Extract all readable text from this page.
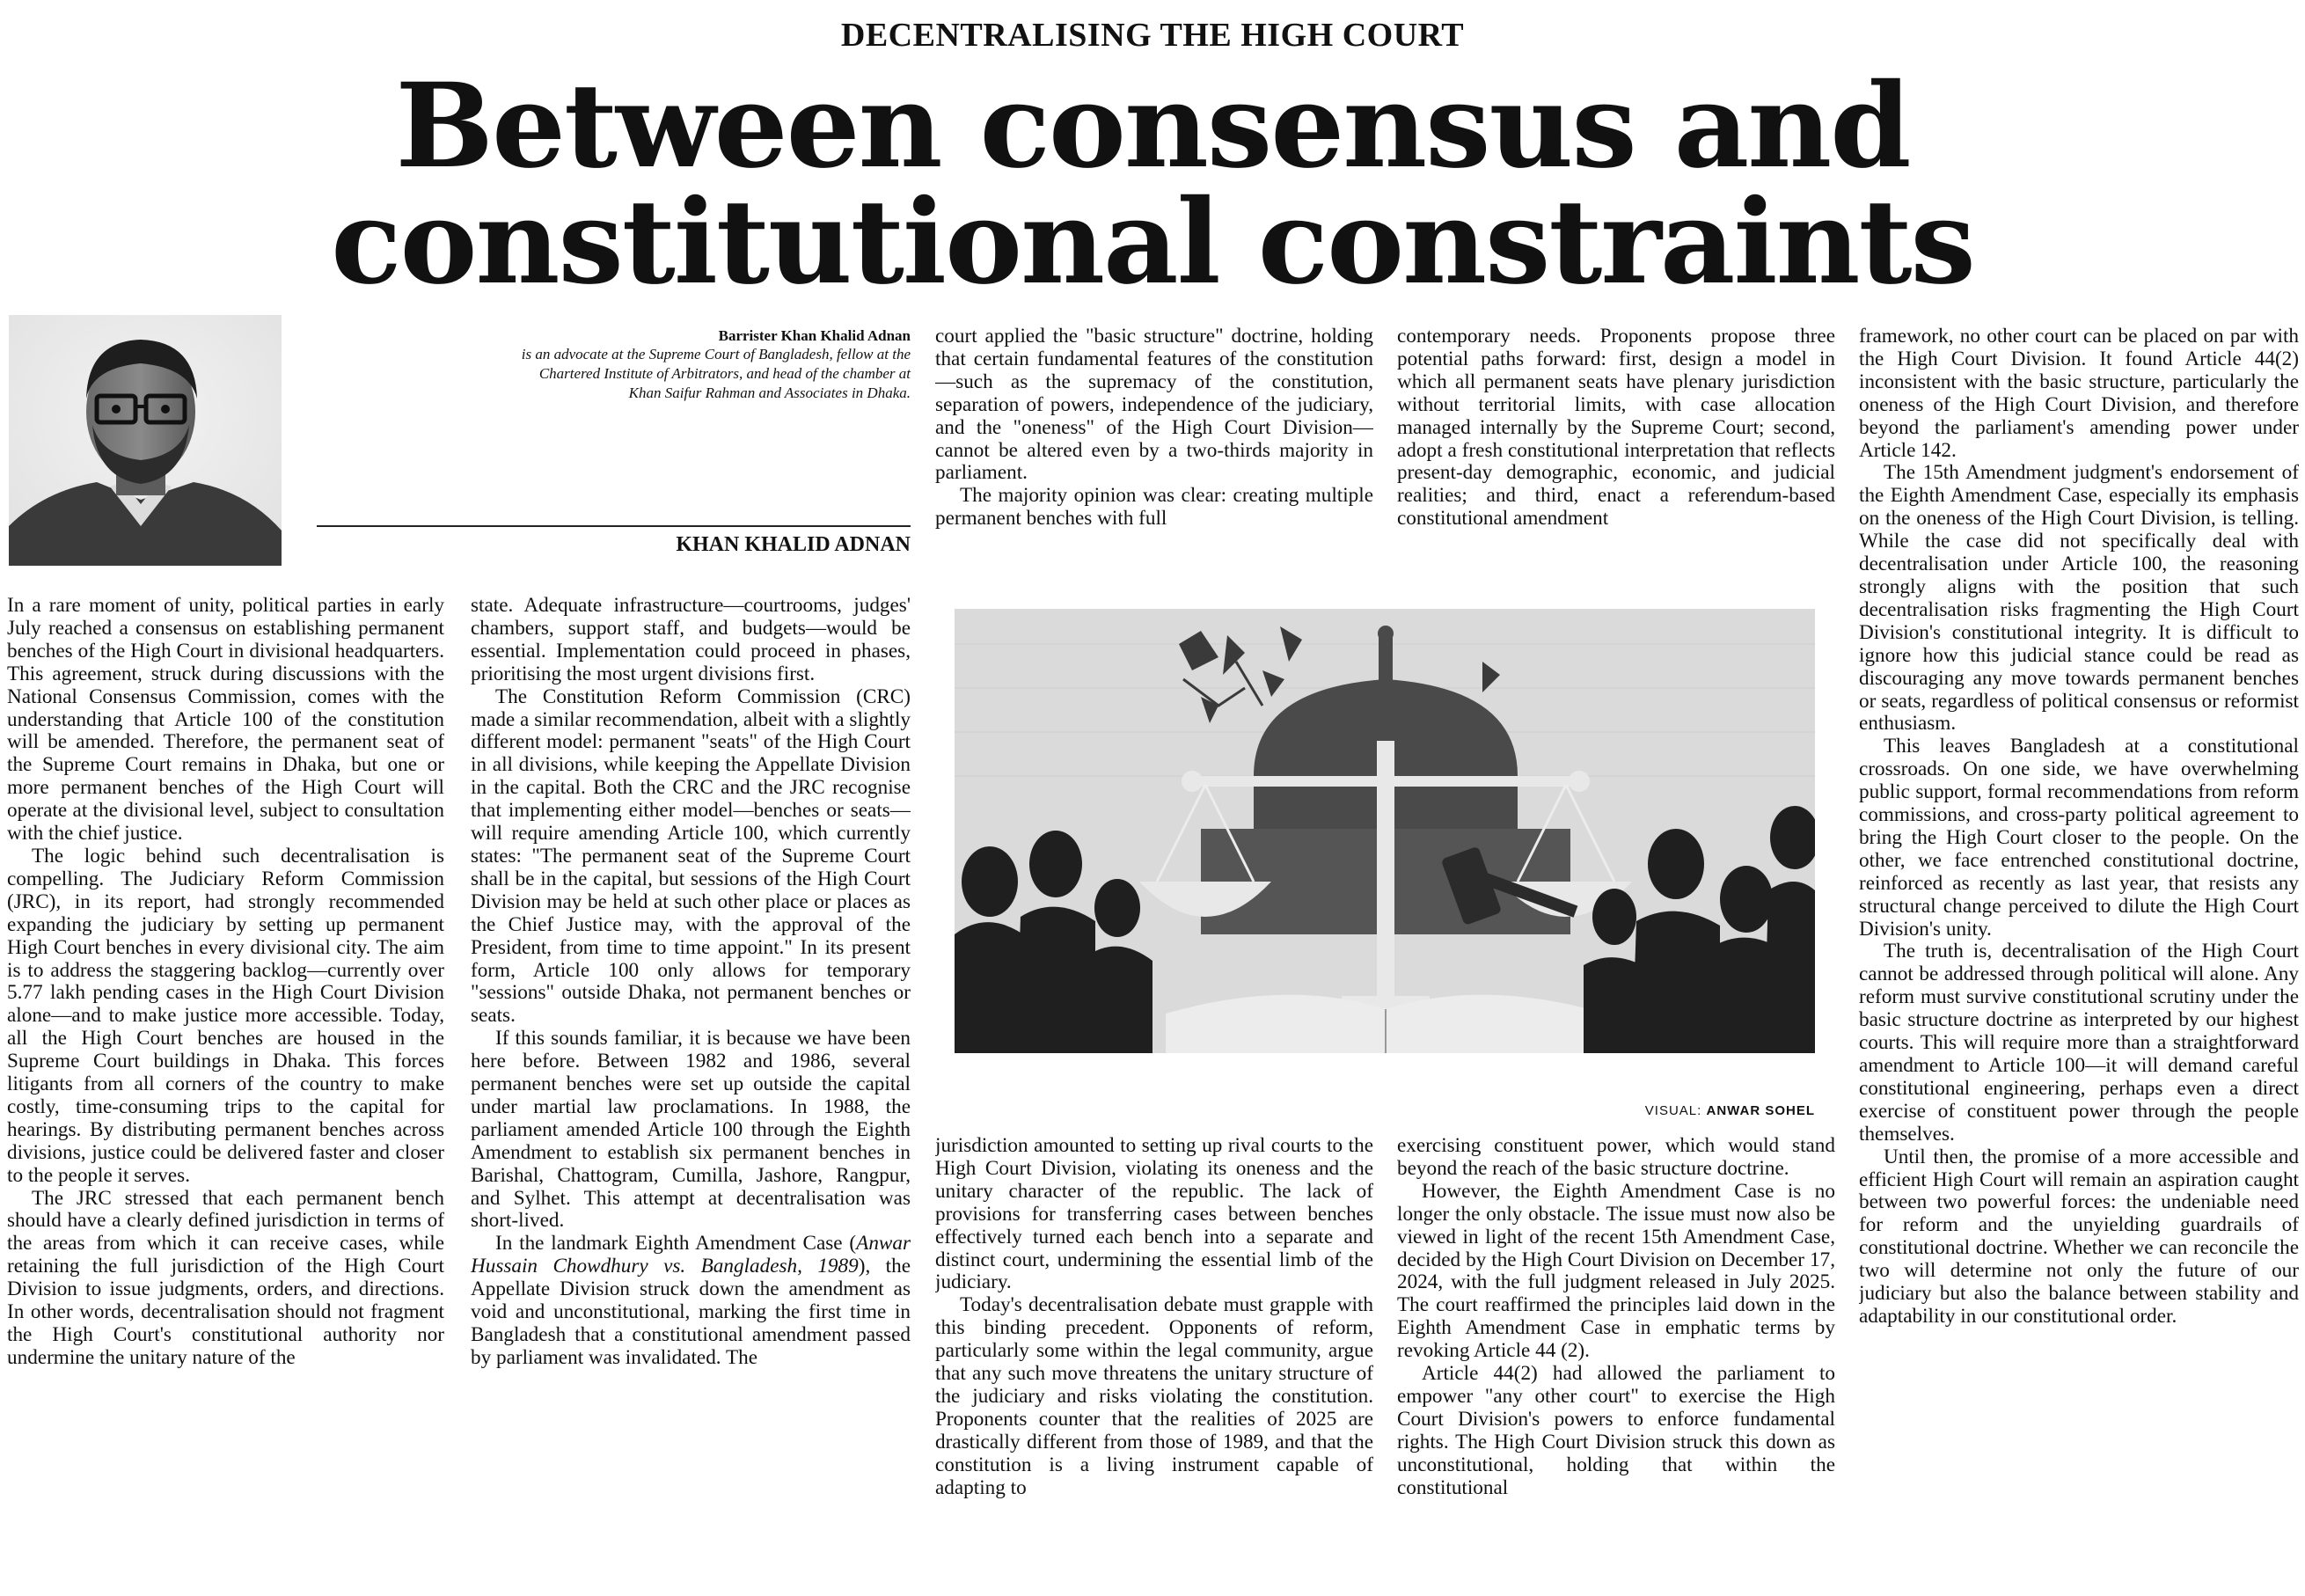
DECENTRALISING THE HIGH COURT
Between consensus and
constitutional constraints
Barrister Khan Khalid Adnan
is an advocate at the Supreme Court of Bangladesh, fellow at the
Chartered Institute of Arbitrators, and head of the chamber at
Khan Saifur Rahman and Associates in Dhaka.
KHAN KHALID ADNAN

In a rare moment of unity, political parties in early July reached a consensus on establishing permanent benches of the High Court in divisional headquarters. This agreement, struck during discussions with the National Consensus Commission, comes with the understanding that Article 100 of the constitution will be amended. Therefore, the permanent seat of the Supreme Court remains in Dhaka, but one or more permanent benches of the High Court will operate at the divisional level, subject to consultation with the chief justice.

The logic behind such decentralisation is compelling. The Judiciary Reform Commission (JRC), in its report, had strongly recommended expanding the judiciary by setting up permanent High Court benches in every divisional city. The aim is to address the staggering backlog—currently over 5.77 lakh pending cases in the High Court Division alone—and to make justice more accessible. Today, all the High Court benches are housed in the Supreme Court buildings in Dhaka. This forces litigants from all corners of the country to make costly, time-consuming trips to the capital for hearings. By distributing permanent benches across divisions, justice could be delivered faster and closer to the people it serves.

The JRC stressed that each permanent bench should have a clearly defined jurisdiction in terms of the areas from which it can receive cases, while retaining the full jurisdiction of the High Court Division to issue judgments, orders, and directions. In other words, decentralisation should not fragment the High Court's constitutional authority nor undermine the unitary nature of the

state. Adequate infrastructure—courtrooms, judges' chambers, support staff, and budgets—would be essential. Implementation could proceed in phases, prioritising the most urgent divisions first.

The Constitution Reform Commission (CRC) made a similar recommendation, albeit with a slightly different model: permanent "seats" of the High Court in all divisions, while keeping the Appellate Division in the capital. Both the CRC and the JRC recognise that implementing either model—benches or seats—will require amending Article 100, which currently states: "The permanent seat of the Supreme Court shall be in the capital, but sessions of the High Court Division may be held at such other place or places as the Chief Justice may, with the approval of the President, from time to time appoint." In its present form, Article 100 only allows for temporary "sessions" outside Dhaka, not permanent benches or seats.

If this sounds familiar, it is because we have been here before. Between 1982 and 1986, several permanent benches were set up outside the capital under martial law proclamations. In 1988, the parliament amended Article 100 through the Eighth Amendment to establish six permanent benches in Barishal, Chattogram, Cumilla, Jashore, Rangpur, and Sylhet. This attempt at decentralisation was short-lived.

In the landmark Eighth Amendment Case (Anwar Hussain Chowdhury vs. Bangladesh, 1989), the Appellate Division struck down the amendment as void and unconstitutional, marking the first time in Bangladesh that a constitutional amendment passed by parliament was invalidated. The

court applied the "basic structure" doctrine, holding that certain fundamental features of the constitution—such as the supremacy of the constitution, separation of powers, independence of the judiciary, and the "oneness" of the High Court Division—cannot be altered even by a two-thirds majority in parliament.

The majority opinion was clear: creating multiple permanent benches with full

contemporary needs. Proponents propose three potential paths forward: first, design a model in which all permanent seats have plenary jurisdiction without territorial limits, with case allocation managed internally by the Supreme Court; second, adopt a fresh constitutional interpretation that reflects present-day demographic, economic, and judicial realities; and third, enact a referendum-based constitutional amendment

VISUAL: ANWAR SOHEL

jurisdiction amounted to setting up rival courts to the High Court Division, violating its oneness and the unitary character of the republic. The lack of provisions for transferring cases between benches effectively turned each bench into a separate and distinct court, undermining the essential limb of the judiciary.

Today's decentralisation debate must grapple with this binding precedent. Opponents of reform, particularly some within the legal community, argue that any such move threatens the unitary structure of the judiciary and risks violating the constitution. Proponents counter that the realities of 2025 are drastically different from those of 1989, and that the constitution is a living instrument capable of adapting to

exercising constituent power, which would stand beyond the reach of the basic structure doctrine.

However, the Eighth Amendment Case is no longer the only obstacle. The issue must now also be viewed in light of the recent 15th Amendment Case, decided by the High Court Division on December 17, 2024, with the full judgment released in July 2025. The court reaffirmed the principles laid down in the Eighth Amendment Case in emphatic terms by revoking Article 44 (2).

Article 44(2) had allowed the parliament to empower "any other court" to exercise the High Court Division's powers to enforce fundamental rights. The High Court Division struck this down as unconstitutional, holding that within the constitutional

framework, no other court can be placed on par with the High Court Division. It found Article 44(2) inconsistent with the basic structure, particularly the oneness of the High Court Division, and therefore beyond the parliament's amending power under Article 142.

The 15th Amendment judgment's endorsement of the Eighth Amendment Case, especially its emphasis on the oneness of the High Court Division, is telling. While the case did not specifically deal with decentralisation under Article 100, the reasoning strongly aligns with the position that such decentralisation risks fragmenting the High Court Division's constitutional integrity. It is difficult to ignore how this judicial stance could be read as discouraging any move towards permanent benches or seats, regardless of political consensus or reformist enthusiasm.

This leaves Bangladesh at a constitutional crossroads. On one side, we have overwhelming public support, formal recommendations from reform commissions, and cross-party political agreement to bring the High Court closer to the people. On the other, we face entrenched constitutional doctrine, reinforced as recently as last year, that resists any structural change perceived to dilute the High Court Division's unity.

The truth is, decentralisation of the High Court cannot be addressed through political will alone. Any reform must survive constitutional scrutiny under the basic structure doctrine as interpreted by our highest courts. This will require more than a straightforward amendment to Article 100—it will demand careful constitutional engineering, perhaps even a direct exercise of constituent power through the people themselves.

Until then, the promise of a more accessible and efficient High Court will remain an aspiration caught between two powerful forces: the undeniable need for reform and the unyielding guardrails of constitutional doctrine. Whether we can reconcile the two will determine not only the future of our judiciary but also the balance between stability and adaptability in our constitutional order.
